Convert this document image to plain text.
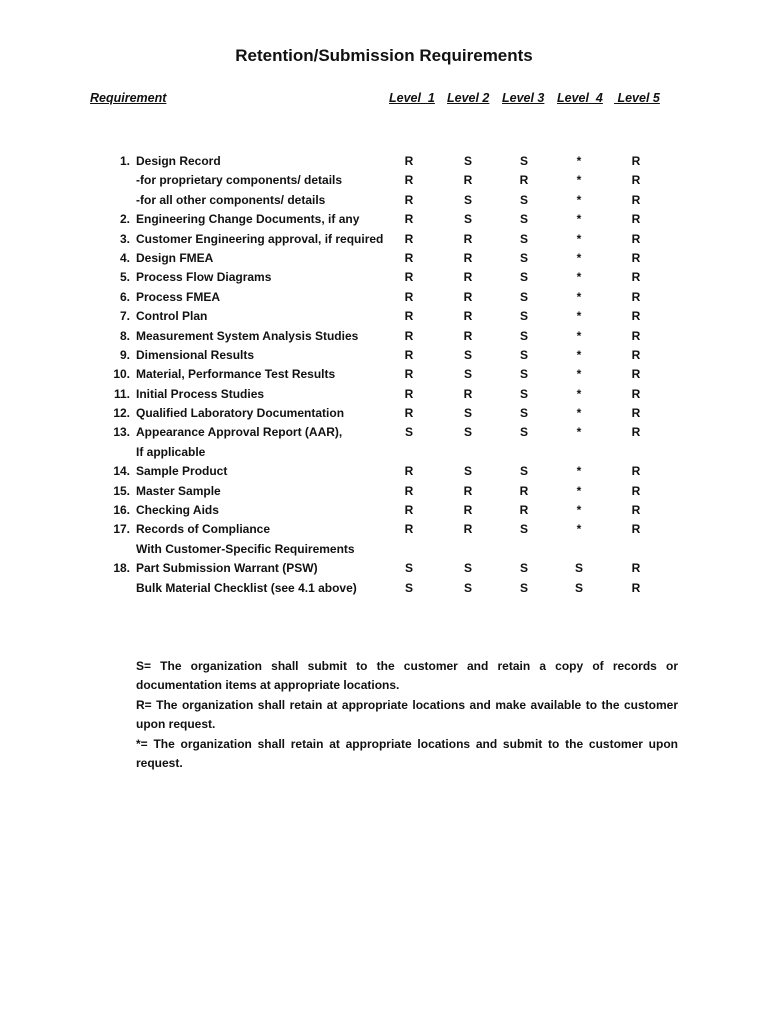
Retention/Submission Requirements
Requirement	Level  1 Level 2 Level 3 Level  4 Level 5
1. Design Record	R	S	S	*	R
-for proprietary components/ details	R	R	R	*	R
-for all other components/ details	R	S	S	*	R
2. Engineering Change Documents, if any	R	S	S	*	R
3. Customer Engineering approval, if required	R	R	S	*	R
4. Design FMEA	R	R	S	*	R
5. Process Flow Diagrams	R	R	S	*	R
6. Process FMEA	R	R	S	*	R
7. Control Plan	R	R	S	*	R
8. Measurement System Analysis Studies	R	R	S	*	R
9. Dimensional Results	R	S	S	*	R
10. Material, Performance Test Results	R	S	S	*	R
11. Initial Process Studies	R	R	S	*	R
12. Qualified Laboratory Documentation	R	S	S	*	R
13. Appearance Approval Report (AAR),	S	S	S	*	R
If applicable
14. Sample Product	R	S	S	*	R
15. Master Sample	R	R	R	*	R
16. Checking Aids	R	R	R	*	R
17. Records of Compliance	R	R	S	*	R
With Customer-Specific Requirements
18. Part Submission Warrant (PSW)	S	S	S	S	R
Bulk Material Checklist (see 4.1 above)	S	S	S	S	R

S= The organization shall submit to the customer and retain a copy of records or documentation items at appropriate locations.

R= The organization shall retain at appropriate locations and make available to the customer upon request.

*= The organization shall retain at appropriate locations and submit to the customer upon request.
